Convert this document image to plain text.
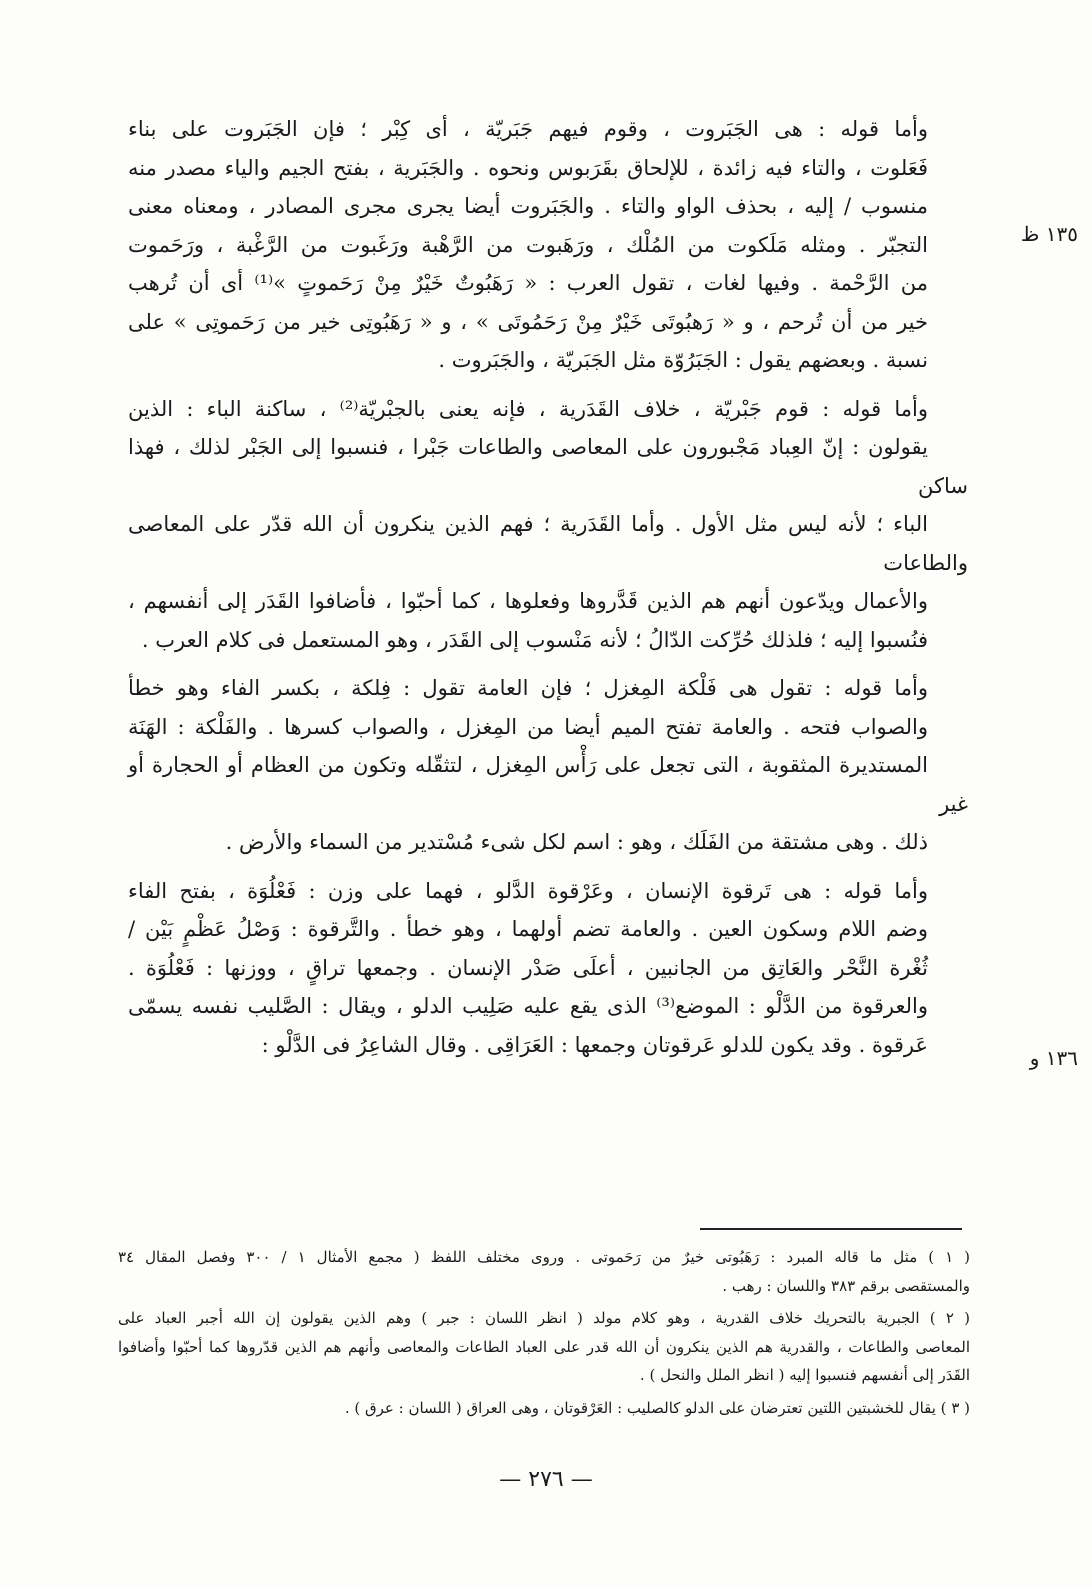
وأما قوله : هى الجَبَروت ، وقوم فيهم جَبَريّة ، أى كِبْر ؛ فإن الجَبَروت على بناء
فَعَلوت ، والتاء فيه زائدة ، للإلحاق بقَرَبوس ونحوه . والجَبَرية ، بفتح الجيم والياء مصدر منه
منسوب / إليه ، بحذف الواو والتاء . والجَبَروت أيضا يجرى مجرى المصادر ، ومعناه معنى
التجبّر . ومثله مَلَكوت من المُلْك ، ورَهَبوت من الرَّهْبة ورَغَبوت من الرَّغْبة ، ورَحَموت
من الرَّحْمة . وفيها لغات ، تقول العرب : « رَهَبُوتٌ خَيْرٌ مِنْ رَحَموتٍ »⁽¹⁾ أى أن تُرهب
خير من أن تُرحم ، و « رَهبُوتَى خَيْرٌ مِنْ رَحَمُوتَى » ، و « رَهَبُوتِى خير من رَحَموتِى » على
نسبة . وبعضهم يقول : الجَبَرُوّة مثل الجَبَريّة ، والجَبَروت .

وأما قوله : قوم جَبْريّة ، خلاف القَدَرية ، فإنه يعنى بالجبْريّة⁽²⁾ ، ساكنة الباء : الذين
يقولون : إنّ العِباد مَجْبورون على المعاصى والطاعات جَبْرا ، فنسبوا إلى الجَبْر لذلك ، فهذا ساكن
الباء ؛ لأنه ليس مثل الأول . وأما القَدَرية ؛ فهم الذين ينكرون أن الله قدّر على المعاصى والطاعات
والأعمال ويدّعون أنهم هم الذين قَدَّروها وفعلوها ، كما أحبّوا ، فأضافوا القَدَر إلى أنفسهم ،
فنُسبوا إليه ؛ فلذلك حُرِّكت الدّالُ ؛ لأنه مَنْسوب إلى القَدَر ، وهو المستعمل فى كلام العرب .

وأما قوله : تقول هى فَلْكة المِغزل ؛ فإن العامة تقول : فِلكة ، بكسر الفاء وهو خطأ
والصواب فتحه . والعامة تفتح الميم أيضا من المِغزل ، والصواب كسرها . والفَلْكة : الهَنَة
المستديرة المثقوبة ، التى تجعل على رَأْس المِغزل ، لتثقّله وتكون من العظام أو الحجارة أو غير
ذلك . وهى مشتقة من الفَلَك ، وهو : اسم لكل شىء مُسْتدير من السماء والأرض .

وأما قوله : هى تَرقوة الإنسان ، وعَرْقوة الدَّلو ، فهما على وزن : فَعْلُوَة ، بفتح الفاء
وضم اللام وسكون العين . والعامة تضم أولهما ، وهو خطأ . والتَّرقوة : وَصْلُ عَظْمٍ بَيْن /
ثُغْرة النَّحْر والعَاتِق من الجانبين ، أعلَى صَدْر الإنسان . وجمعها تراقٍ ، ووزنها : فَعْلُوَة .
والعرقوة من الدَّلْو : الموضع⁽³⁾ الذى يقع عليه صَلِيب الدلو ، ويقال : الصَّليب نفسه يسمّى
عَرقوة . وقد يكون للدلو عَرقوتان وجمعها : العَرَاقِى . وقال الشاعِرُ فى الدَّلْو :

١٣٥ ظ
١٣٦ و

( ١ ) مثل ما قاله المبرد : رَهَبُوتى خيرٌ من رَحَموتى . وروى مختلف اللفظ ( مجمع الأمثال ١ / ٣٠٠ وفصل المقال ٣٤
والمستقصى برقم ٣٨٣ واللسان : رهب .

( ٢ ) الجبرية بالتحريك خلاف القدرية ، وهو كلام مولد ( انظر اللسان : جبر ) وهم الذين يقولون إن الله أجبر العباد على
المعاصى والطاعات ، والقدرية هم الذين ينكرون أن الله قدر على العباد الطاعات والمعاصى وأنهم هم الذين قدّروها كما أحبّوا وأضافوا
القَدَر إلى أنفسهم فنسبوا إليه ( انظر الملل والنحل ) .

( ٣ ) يقال للخشبتين اللتين تعترضان على الدلو كالصليب : العَرْقوتان ، وهى العراق ( اللسان : عرق ) .

— ٢٧٦ —
